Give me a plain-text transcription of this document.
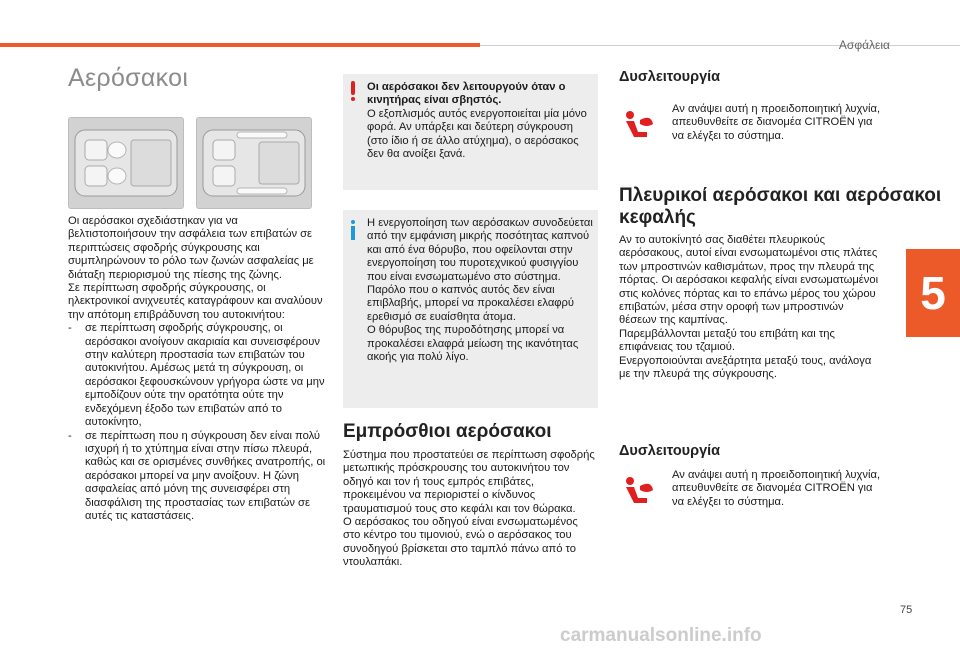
Ασφάλεια
Αερόσακοι

Οι αερόσακοι σχεδιάστηκαν για να βελτιστοποιήσουν την ασφάλεια των επιβατών σε περιπτώσεις σφοδρής σύγκρουσης και συμπληρώνουν το ρόλο των ζωνών ασφαλείας με διάταξη περιορισμού της πίεσης της ζώνης.

Σε περίπτωση σφοδρής σύγκρουσης, οι ηλεκτρονικοί ανιχνευτές καταγράφουν και αναλύουν την απότομη επιβράδυνση του αυτοκινήτου:

- σε περίπτωση σφοδρής σύγκρουσης, οι αερόσακοι ανοίγουν ακαριαία και συνεισφέρουν στην καλύτερη προστασία των επιβατών του αυτοκινήτου. Αμέσως μετά τη σύγκρουση, οι αερόσακοι ξεφουσκώνουν γρήγορα ώστε να μην εμποδίζουν ούτε την ορατότητα ούτε την ενδεχόμενη έξοδο των επιβατών από το αυτοκίνητο,

- σε περίπτωση που η σύγκρουση δεν είναι πολύ ισχυρή ή το χτύπημα είναι στην πίσω πλευρά, καθώς και σε ορισμένες συνθήκες ανατροπής, οι αερόσακοι μπορεί να μην ανοίξουν. Η ζώνη ασφαλείας από μόνη της συνεισφέρει στη διασφάλιση της προστασίας των επιβατών σε αυτές τις καταστάσεις.

Οι αερόσακοι δεν λειτουργούν όταν ο κινητήρας είναι σβηστός.

Ο εξοπλισμός αυτός ενεργοποιείται μία μόνο φορά. Αν υπάρξει και δεύτερη σύγκρουση (στο ίδιο ή σε άλλο ατύχημα), ο αερόσακος δεν θα ανοίξει ξανά.

Η ενεργοποίηση των αερόσακων συνοδεύεται από την εμφάνιση μικρής ποσότητας καπνού και από ένα θόρυβο, που οφείλονται στην ενεργοποίηση του πυροτεχνικού φυσιγγίου που είναι ενσωματωμένο στο σύστημα.

Παρόλο που ο καπνός αυτός δεν είναι επιβλαβής, μπορεί να προκαλέσει ελαφρύ ερεθισμό σε ευαίσθητα άτομα.

Ο θόρυβος της πυροδότησης μπορεί να προκαλέσει ελαφρά μείωση της ικανότητας ακοής για πολύ λίγο.

Εμπρόσθιοι αερόσακοι

Σύστημα που προστατεύει σε περίπτωση σφοδρής μετωπικής πρόσκρουσης του αυτοκινήτου τον οδηγό και τον ή τους εμπρός επιβάτες, προκειμένου να περιοριστεί ο κίνδυνος τραυματισμού τους στο κεφάλι και τον θώρακα.

Ο αερόσακος του οδηγού είναι ενσωματωμένος στο κέντρο του τιμονιού, ενώ ο αερόσακος του συνοδηγού βρίσκεται στο ταμπλό πάνω από το ντουλαπάκι.

Δυσλειτουργία
Αν ανάψει αυτή η προειδοποιητική λυχνία, απευθυνθείτε σε διανομέα CITROËN για να ελέγξει το σύστημα.
Πλευρικοί αερόσακοι και αερόσακοι κεφαλής

Αν το αυτοκίνητό σας διαθέτει πλευρικούς αερόσακους, αυτοί είναι ενσωματωμένοι στις πλάτες των μπροστινών καθισμάτων, προς την πλευρά της πόρτας. Οι αερόσακοι κεφαλής είναι ενσωματωμένοι στις κολόνες πόρτας και το επάνω μέρος του χώρου επιβατών, μέσα στην οροφή των μπροστινών θέσεων της καμπίνας.

Παρεμβάλλονται μεταξύ του επιβάτη και της επιφάνειας του τζαμιού.

Ενεργοποιούνται ανεξάρτητα μεταξύ τους, ανάλογα με την πλευρά της σύγκρουσης.

Δυσλειτουργία
Αν ανάψει αυτή η προειδοποιητική λυχνία, απευθυνθείτε σε διανομέα CITROËN για να ελέγξει το σύστημα.
5
75
carmanualsonline.info
